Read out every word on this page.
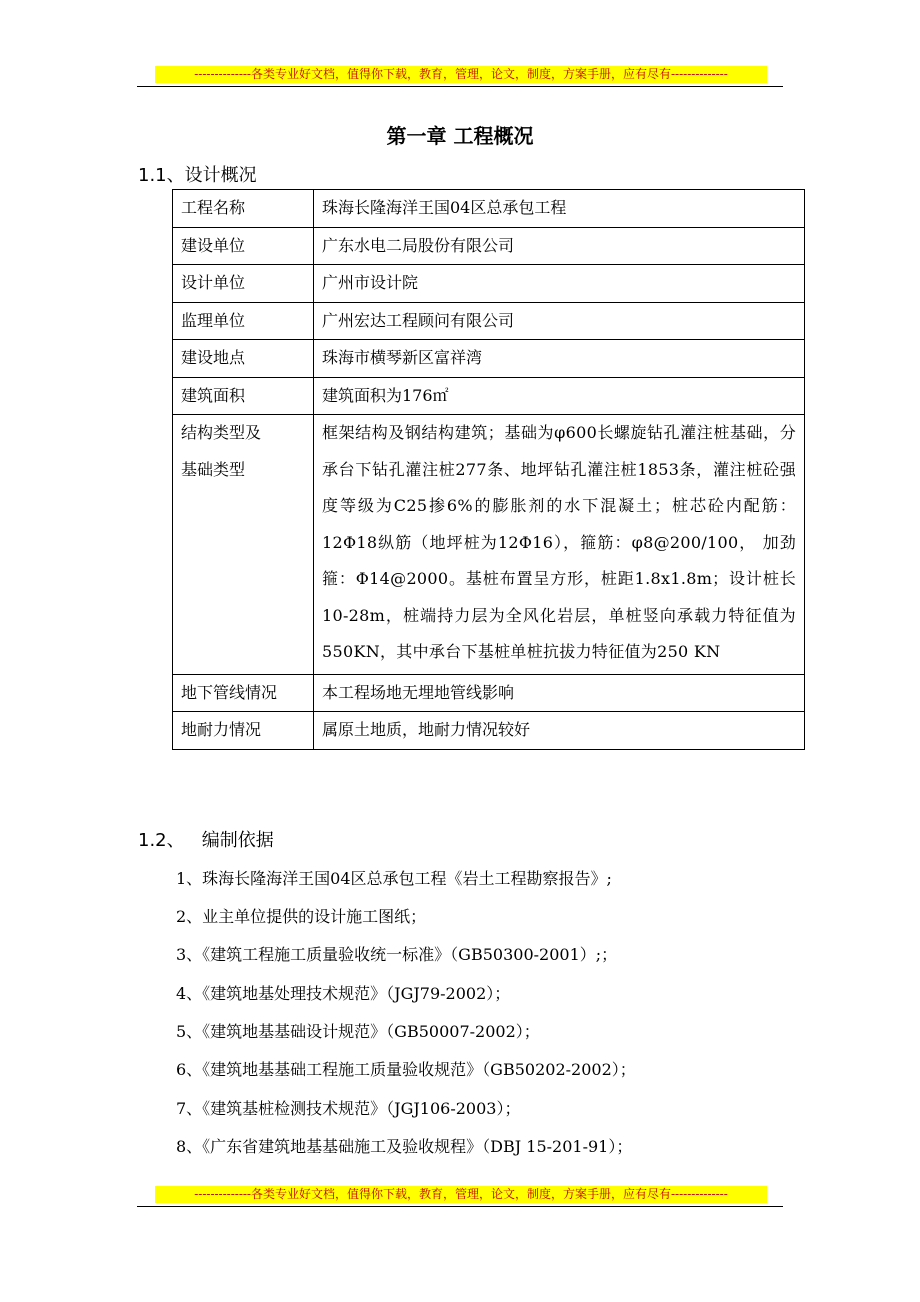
--------------各类专业好文档，值得你下载，教育，管理，论文，制度，方案手册，应有尽有--------------
第一章 工程概况
1.1、设计概况
工程名称	珠海长隆海洋王国04区总承包工程
建设单位	广东水电二局股份有限公司
设计单位	广州市设计院
监理单位	广州宏达工程顾问有限公司
建设地点	珠海市横琴新区富祥湾
建筑面积	建筑面积为176㎡

结构类型及
基础类型	框架结构及钢结构建筑；基础为φ600长螺旋钻孔灌注桩基础，分承台下钻孔灌注桩277条、地坪钻孔灌注桩1853条，灌注桩砼强度等级为C25掺6%的膨胀剂的水下混凝土；桩芯砼内配筋：12Φ18纵筋（地坪桩为12Φ16），箍筋：φ8@200/100， 加劲箍：Φ14@2000。基桩布置呈方形，桩距1.8x1.8m；设计桩长10-28m，桩端持力层为全风化岩层，单桩竖向承载力特征值为550KN，其中承台下基桩单桩抗拔力特征值为250 KN
地下管线情况	本工程场地无埋地管线影响
地耐力情况	属原土地质，地耐力情况较好
1.2、   编制依据
1、珠海长隆海洋王国04区总承包工程《岩土工程勘察报告》;
2、业主单位提供的设计施工图纸；
3、《建筑工程施工质量验收统一标准》（GB50300-2001）;；
4、《建筑地基处理技术规范》（JGJ79-2002）；
5、《建筑地基基础设计规范》（GB50007-2002）；
6、《建筑地基基础工程施工质量验收规范》（GB50202-2002）；
7、《建筑基桩检测技术规范》（JGJ106-2003）；
8、《广东省建筑地基基础施工及验收规程》（DBJ 15-201-91）；
--------------各类专业好文档，值得你下载，教育，管理，论文，制度，方案手册，应有尽有--------------
